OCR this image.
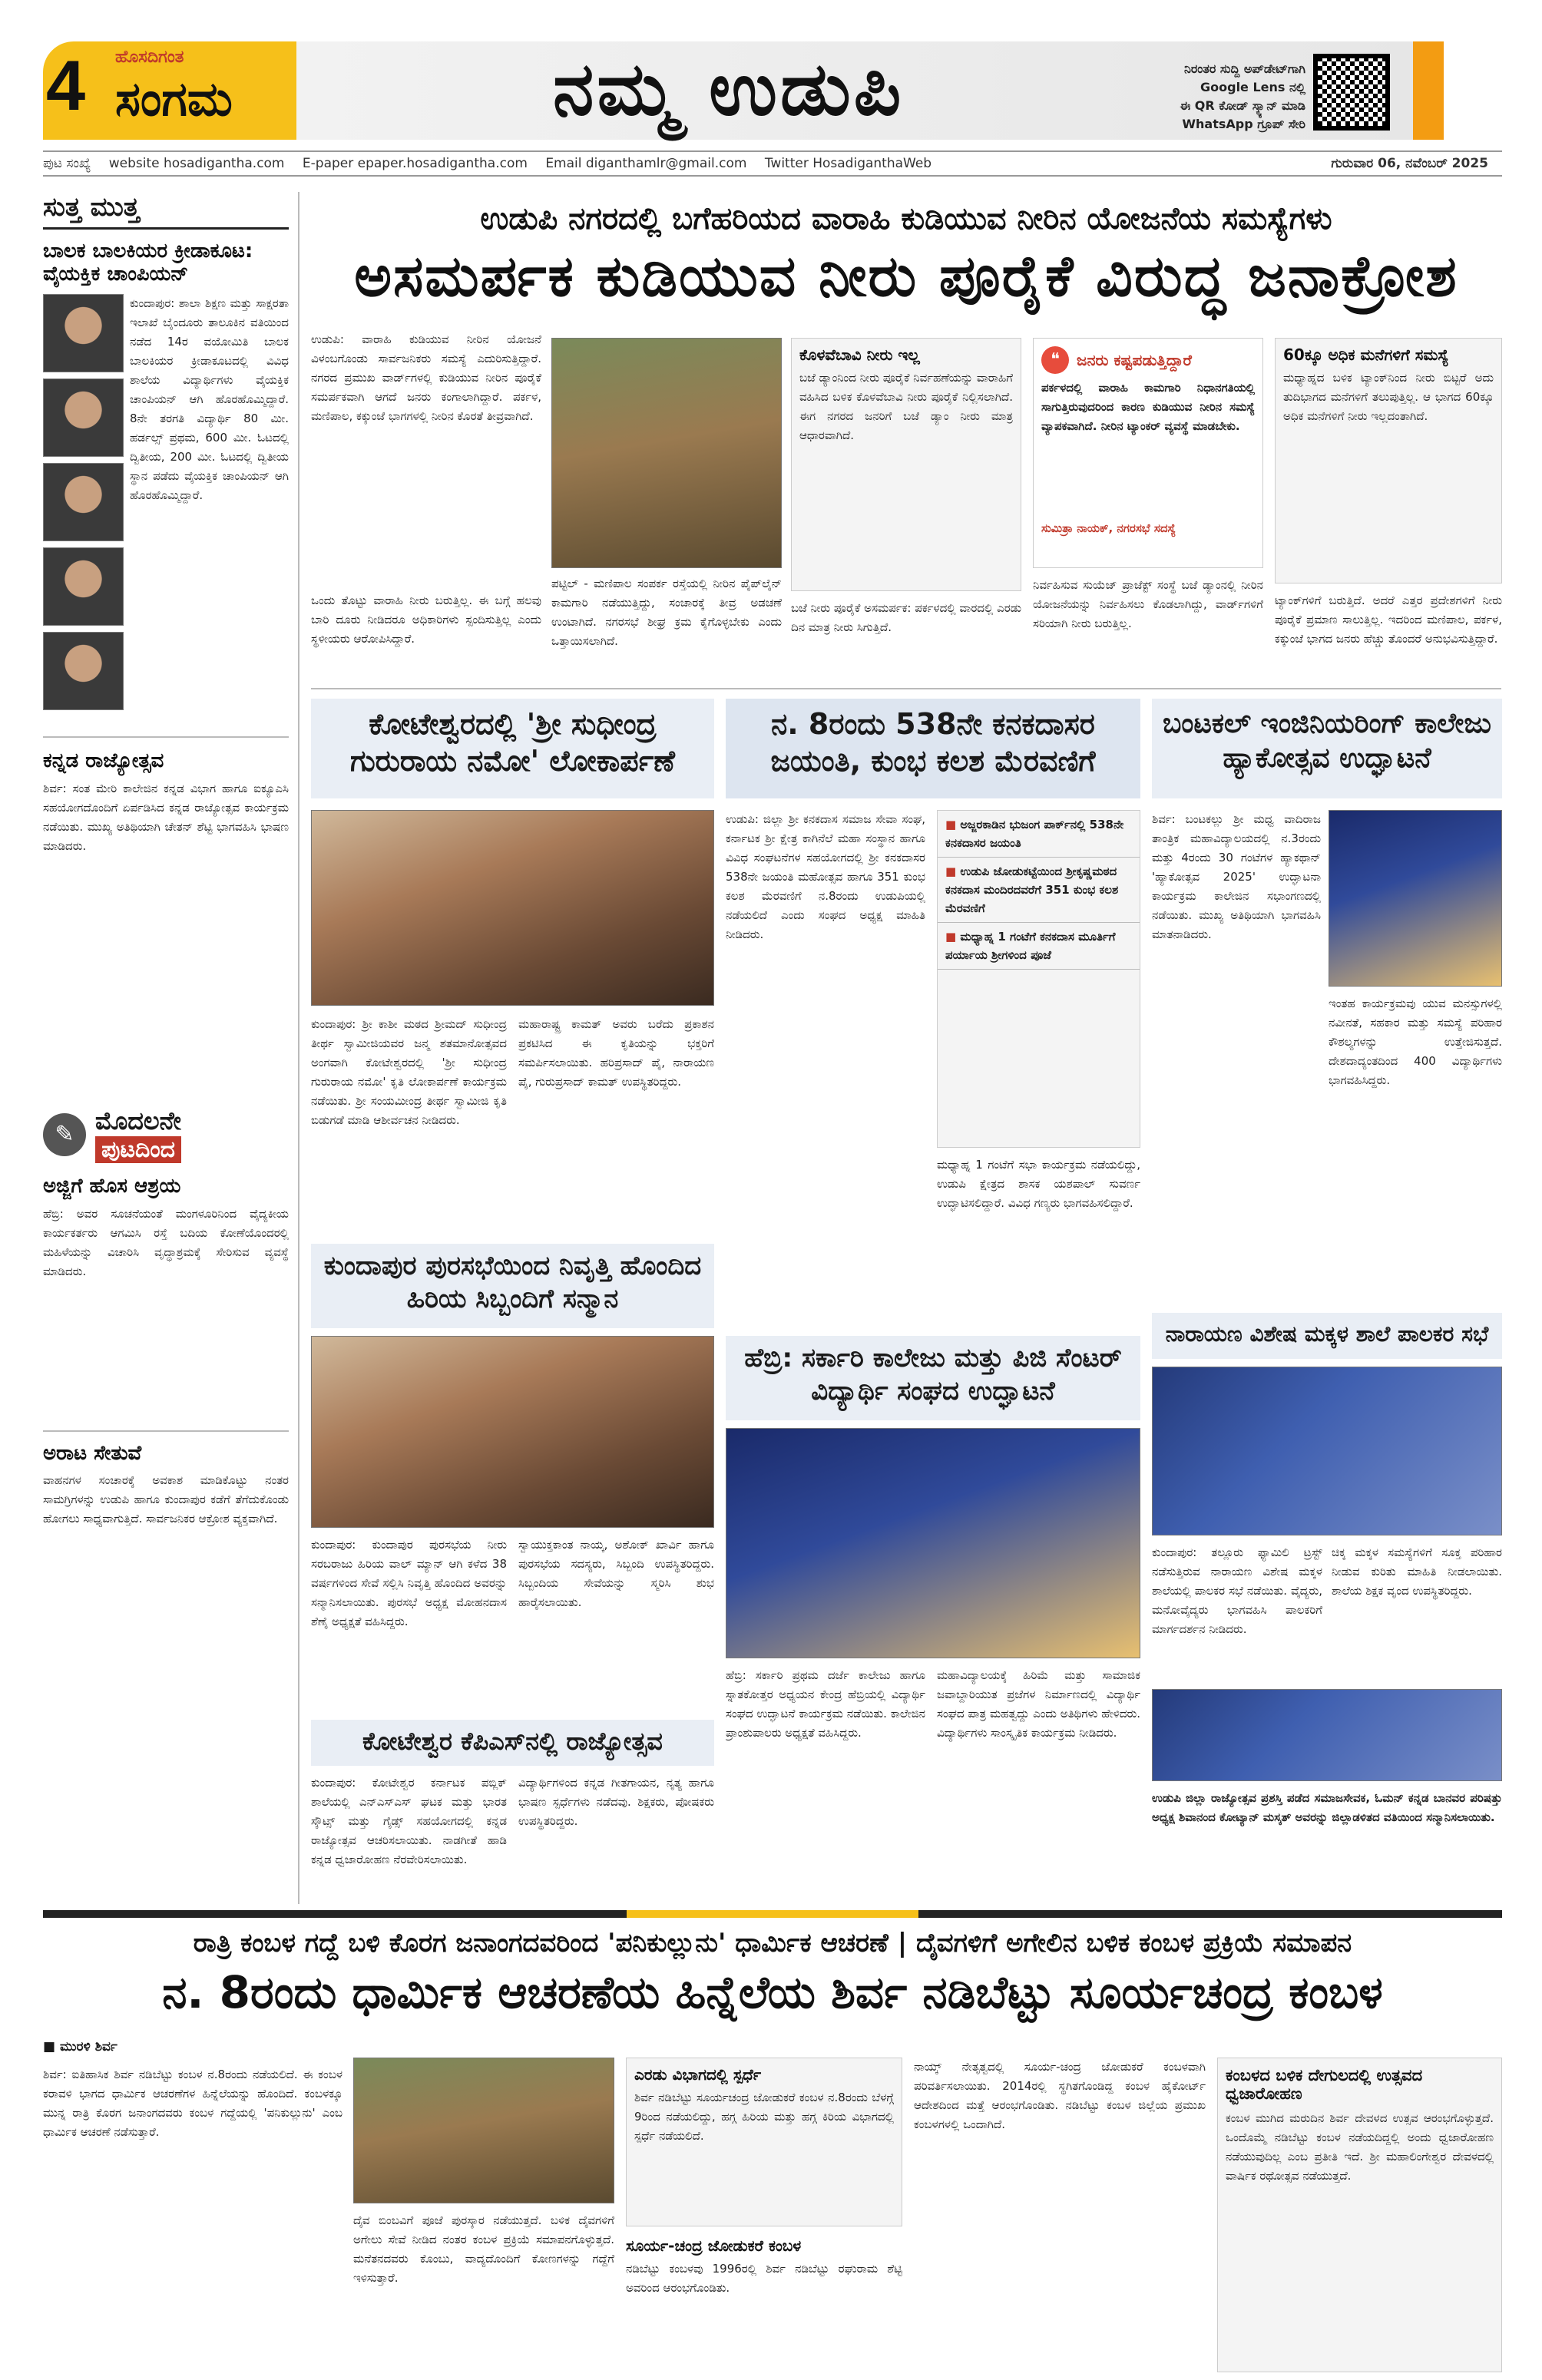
4 ಹೊಸದಿಗಂತ
ಸಂಗಮ	ನಮ್ಮ ಉಡುಪಿ	ನಿರಂತರ ಸುದ್ದಿ ಅಪ್‌ಡೇಟ್‌ಗಾಗಿ
Google Lens ನಲ್ಲಿ
ಈ QR ಕೋಡ್ ಸ್ಕ್ಯಾನ್ ಮಾಡಿ
WhatsApp ಗ್ರೂಪ್ ಸೇರಿ
ಪುಟ ಸಂಖ್ಯೆ website hosadigantha.com E-paper epaper.hosadigantha.com Email diganthamlr@gmail.com Twitter HosadiganthaWeb	ಗುರುವಾರ 06, ನವೆಂಬರ್ 2025
ಸುತ್ತ ಮುತ್ತ
ಬಾಲಕ ಬಾಲಕಿಯರ ಕ್ರೀಡಾಕೂಟ: ವೈಯಕ್ತಿಕ ಚಾಂಪಿಯನ್
ಕುಂದಾಪುರ: ಶಾಲಾ ಶಿಕ್ಷಣ ಮತ್ತು ಸಾಕ್ಷರತಾ ಇಲಾಖೆ ಬೈಂದೂರು ತಾಲೂಕಿನ ವತಿಯಿಂದ ನಡೆದ 14ರ ವಯೋಮಿತಿ ಬಾಲಕ ಬಾಲಕಿಯರ ಕ್ರೀಡಾಕೂಟದಲ್ಲಿ ವಿವಿಧ ಶಾಲೆಯ ವಿದ್ಯಾರ್ಥಿಗಳು ವೈಯಕ್ತಿಕ ಚಾಂಪಿಯನ್ ಆಗಿ ಹೊರಹೊಮ್ಮಿದ್ದಾರೆ. 8ನೇ ತರಗತಿ ವಿದ್ಯಾರ್ಥಿ 80 ಮೀ. ಹರ್ಡಲ್ಸ್ ಪ್ರಥಮ, 600 ಮೀ. ಓಟದಲ್ಲಿ ದ್ವಿತೀಯ, 200 ಮೀ. ಓಟದಲ್ಲಿ ದ್ವಿತೀಯ ಸ್ಥಾನ ಪಡೆದು ವೈಯಕ್ತಿಕ ಚಾಂಪಿಯನ್ ಆಗಿ ಹೊರಹೊಮ್ಮಿದ್ದಾರೆ.
ಕನ್ನಡ ರಾಜ್ಯೋತ್ಸವ
ಶಿರ್ವ: ಸಂತ ಮೇರಿ ಕಾಲೇಜಿನ ಕನ್ನಡ ವಿಭಾಗ ಹಾಗೂ ಐಕ್ಯೂಎಸಿ ಸಹಯೋಗದೊಂದಿಗೆ ಏರ್ಪಡಿಸಿದ ಕನ್ನಡ ರಾಜ್ಯೋತ್ಸವ ಕಾರ್ಯಕ್ರಮ ನಡೆಯಿತು. ಮುಖ್ಯ ಅತಿಥಿಯಾಗಿ ಚೇತನ್ ಶೆಟ್ಟಿ ಭಾಗವಹಿಸಿ ಭಾಷಣ ಮಾಡಿದರು.
✎ ಮೊದಲನೇ
ಪುಟದಿಂದ
ಅಜ್ಜಿಗೆ ಹೊಸ ಆಶ್ರಯ
ಹೆಬ್ರಿ: ಅವರ ಸೂಚನೆಯಂತೆ ಮಂಗಳೂರಿನಿಂದ ವೈದ್ಯಕೀಯ ಕಾರ್ಯಕರ್ತರು ಆಗಮಿಸಿ ರಸ್ತೆ ಬದಿಯ ಕೋಣೆಯೊಂದರಲ್ಲಿ ಮಹಿಳೆಯನ್ನು ವಿಚಾರಿಸಿ ವೃದ್ಧಾಶ್ರಮಕ್ಕೆ ಸೇರಿಸುವ ವ್ಯವಸ್ಥೆ ಮಾಡಿದರು.
ಅರಾಟ ಸೇತುವೆ
ವಾಹನಗಳ ಸಂಚಾರಕ್ಕೆ ಅವಕಾಶ ಮಾಡಿಕೊಟ್ಟು ನಂತರ ಸಾಮಗ್ರಿಗಳನ್ನು ಉಡುಪಿ ಹಾಗೂ ಕುಂದಾಪುರ ಕಡೆಗೆ ತೆಗೆದುಕೊಂಡು ಹೋಗಲು ಸಾಧ್ಯವಾಗುತ್ತಿದೆ. ಸಾರ್ವಜನಿಕರ ಆಕ್ರೋಶ ವ್ಯಕ್ತವಾಗಿದೆ.
ಉಡುಪಿ ನಗರದಲ್ಲಿ ಬಗೆಹರಿಯದ ವಾರಾಹಿ ಕುಡಿಯುವ ನೀರಿನ ಯೋಜನೆಯ ಸಮಸ್ಯೆಗಳು
ಅಸಮರ್ಪಕ ಕುಡಿಯುವ ನೀರು ಪೂರೈಕೆ ವಿರುದ್ಧ ಜನಾಕ್ರೋಶ
ಉಡುಪಿ: ವಾರಾಹಿ ಕುಡಿಯುವ ನೀರಿನ ಯೋಜನೆ ವಿಳಂಬಗೊಂಡು ಸಾರ್ವಜನಿಕರು ಸಮಸ್ಯೆ ಎದುರಿಸುತ್ತಿದ್ದಾರೆ. ನಗರದ ಪ್ರಮುಖ ವಾರ್ಡ್‌ಗಳಲ್ಲಿ ಕುಡಿಯುವ ನೀರಿನ ಪೂರೈಕೆ ಸಮರ್ಪಕವಾಗಿ ಆಗದೆ ಜನರು ಕಂಗಾಲಾಗಿದ್ದಾರೆ. ಪರ್ಕಳ, ಮಣಿಪಾಲ, ಕಕ್ಕುಂಜೆ ಭಾಗಗಳಲ್ಲಿ ನೀರಿನ ಕೊರತೆ ತೀವ್ರವಾಗಿದೆ.
ಒಂದು ತೊಟ್ಟು ವಾರಾಹಿ ನೀರು ಬರುತ್ತಿಲ್ಲ. ಈ ಬಗ್ಗೆ ಹಲವು ಬಾರಿ ದೂರು ನೀಡಿದರೂ ಅಧಿಕಾರಿಗಳು ಸ್ಪಂದಿಸುತ್ತಿಲ್ಲ ಎಂದು ಸ್ಥಳೀಯರು ಆರೋಪಿಸಿದ್ದಾರೆ.
ಪಟ್ಟಿಲ್ - ಮಣಿಪಾಲ ಸಂಪರ್ಕ ರಸ್ತೆಯಲ್ಲಿ ನೀರಿನ ಪೈಪ್‌ಲೈನ್ ಕಾಮಗಾರಿ ನಡೆಯುತ್ತಿದ್ದು, ಸಂಚಾರಕ್ಕೆ ತೀವ್ರ ಅಡಚಣೆ ಉಂಟಾಗಿದೆ. ನಗರಸಭೆ ಶೀಘ್ರ ಕ್ರಮ ಕೈಗೊಳ್ಳಬೇಕು ಎಂದು ಒತ್ತಾಯಿಸಲಾಗಿದೆ.
ಕೊಳವೆಬಾವಿ ನೀರು ಇಲ್ಲ
ಬಜೆ ಡ್ಯಾಂನಿಂದ ನೀರು ಪೂರೈಕೆ ನಿರ್ವಹಣೆಯನ್ನು ವಾರಾಹಿಗೆ ವಹಿಸಿದ ಬಳಿಕ ಕೊಳವೆಬಾವಿ ನೀರು ಪೂರೈಕೆ ನಿಲ್ಲಿಸಲಾಗಿದೆ. ಈಗ ನಗರದ ಜನರಿಗೆ ಬಜೆ ಡ್ಯಾಂ ನೀರು ಮಾತ್ರ ಆಧಾರವಾಗಿದೆ.
ಬಜೆ ನೀರು ಪೂರೈಕೆ ಅಸಮರ್ಪಕ: ಪರ್ಕಳದಲ್ಲಿ ವಾರದಲ್ಲಿ ಎರಡು ದಿನ ಮಾತ್ರ ನೀರು ಸಿಗುತ್ತಿದೆ.
❝	ಜನರು ಕಷ್ಟಪಡುತ್ತಿದ್ದಾರೆ
ಪರ್ಕಳದಲ್ಲಿ ವಾರಾಹಿ ಕಾಮಗಾರಿ ನಿಧಾನಗತಿಯಲ್ಲಿ ಸಾಗುತ್ತಿರುವುದರಿಂದ ಕಾರಣ ಕುಡಿಯುವ ನೀರಿನ ಸಮಸ್ಯೆ ವ್ಯಾಪಕವಾಗಿದೆ. ನೀರಿನ ಟ್ಯಾಂಕರ್ ವ್ಯವಸ್ಥೆ ಮಾಡಬೇಕು.
ಸುಮಿತ್ರಾ ನಾಯಕ್, ನಗರಸಭೆ ಸದಸ್ಯೆ
ನಿರ್ವಹಿಸುವ ಸುಯೆಜ್ ಪ್ರಾಜೆಕ್ಟ್ ಸಂಸ್ಥೆ ಬಜೆ ಡ್ಯಾಂನಲ್ಲಿ ನೀರಿನ ಯೋಜನೆಯನ್ನು ನಿರ್ವಹಿಸಲು ಕೊಡಲಾಗಿದ್ದು, ವಾರ್ಡ್‌ಗಳಿಗೆ ಸರಿಯಾಗಿ ನೀರು ಬರುತ್ತಿಲ್ಲ.
60ಕ್ಕೂ ಅಧಿಕ ಮನೆಗಳಿಗೆ ಸಮಸ್ಯೆ
ಮಧ್ಯಾಹ್ನದ ಬಳಿಕ ಟ್ಯಾಂಕ್‌ನಿಂದ ನೀರು ಬಿಟ್ಟರೆ ಅದು ತುದಿಭಾಗದ ಮನೆಗಳಿಗೆ ತಲುಪುತ್ತಿಲ್ಲ. ಆ ಭಾಗದ 60ಕ್ಕೂ ಅಧಿಕ ಮನೆಗಳಿಗೆ ನೀರು ಇಲ್ಲದಂತಾಗಿದೆ.
ಟ್ಯಾಂಕ್‌ಗಳಿಗೆ ಬರುತ್ತಿದೆ. ಅದರೆ ಎತ್ತರ ಪ್ರದೇಶಗಳಿಗೆ ನೀರು ಪೂರೈಕೆ ಪ್ರಮಾಣ ಸಾಲುತ್ತಿಲ್ಲ. ಇದರಿಂದ ಮಣಿಪಾಲ, ಪರ್ಕಳ, ಕಕ್ಕುಂಜೆ ಭಾಗದ ಜನರು ಹೆಚ್ಚು ತೊಂದರೆ ಅನುಭವಿಸುತ್ತಿದ್ದಾರೆ.
ಕೋಟೇಶ್ವರದಲ್ಲಿ 'ಶ್ರೀ ಸುಧೀಂದ್ರ ಗುರುರಾಯ ನಮೋ' ಲೋಕಾರ್ಪಣೆ
ಕುಂದಾಪುರ: ಶ್ರೀ ಕಾಶೀ ಮಠದ ಶ್ರೀಮದ್ ಸುಧೀಂದ್ರ ತೀರ್ಥ ಸ್ವಾಮೀಜಿಯವರ ಜನ್ಮ ಶತಮಾನೋತ್ಸವದ ಅಂಗವಾಗಿ ಕೋಟೇಶ್ವರದಲ್ಲಿ 'ಶ್ರೀ ಸುಧೀಂದ್ರ ಗುರುರಾಯ ನಮೋ' ಕೃತಿ ಲೋಕಾರ್ಪಣೆ ಕಾರ್ಯಕ್ರಮ ನಡೆಯಿತು. ಶ್ರೀ ಸಂಯಮೀಂದ್ರ ತೀರ್ಥ ಸ್ವಾಮೀಜಿ ಕೃತಿ ಬಿಡುಗಡೆ ಮಾಡಿ ಆಶೀರ್ವಚನ ನೀಡಿದರು.
ಮಹಾರಾಷ್ಟ್ರ ಕಾಮತ್ ಅವರು ಬರೆದು ಪ್ರಕಾಶನ ಪ್ರಕಟಿಸಿದ ಈ ಕೃತಿಯನ್ನು ಭಕ್ತರಿಗೆ ಸಮರ್ಪಿಸಲಾಯಿತು. ಹರಿಪ್ರಸಾದ್ ಪೈ, ನಾರಾಯಣ ಪೈ, ಗುರುಪ್ರಸಾದ್ ಕಾಮತ್ ಉಪಸ್ಥಿತರಿದ್ದರು.
ನ. 8ರಂದು 538ನೇ ಕನಕದಾಸರ ಜಯಂತಿ, ಕುಂಭ ಕಲಶ ಮೆರವಣಿಗೆ
ಉಡುಪಿ: ಜಿಲ್ಲಾ ಶ್ರೀ ಕನಕದಾಸ ಸಮಾಜ ಸೇವಾ ಸಂಘ, ಕರ್ನಾಟಕ ಶ್ರೀ ಕ್ಷೇತ್ರ ಕಾಗಿನೆಲೆ ಮಹಾ ಸಂಸ್ಥಾನ ಹಾಗೂ ವಿವಿಧ ಸಂಘಟನೆಗಳ ಸಹಯೋಗದಲ್ಲಿ ಶ್ರೀ ಕನಕದಾಸರ 538ನೇ ಜಯಂತಿ ಮಹೋತ್ಸವ ಹಾಗೂ 351 ಕುಂಭ ಕಲಶ ಮೆರವಣಿಗೆ ನ.8ರಂದು ಉಡುಪಿಯಲ್ಲಿ ನಡೆಯಲಿದೆ ಎಂದು ಸಂಘದ ಅಧ್ಯಕ್ಷ ಮಾಹಿತಿ ನೀಡಿದರು.
■ ಅಜ್ಜರಕಾಡಿನ ಭುಜಂಗ ಪಾರ್ಕ್‌ನಲ್ಲಿ 538ನೇ ಕನಕದಾಸರ ಜಯಂತಿ
■ ಉಡುಪಿ ಜೋಡುಕಟ್ಟೆಯಿಂದ ಶ್ರೀಕೃಷ್ಣಮಠದ ಕನಕದಾಸ ಮಂದಿರದವರೆಗೆ 351 ಕುಂಭ ಕಲಶ ಮೆರವಣಿಗೆ
■ ಮಧ್ಯಾಹ್ನ 1 ಗಂಟೆಗೆ ಕನಕದಾಸ ಮೂರ್ತಿಗೆ ಪರ್ಯಾಯ ಶ್ರೀಗಳಿಂದ ಪೂಜೆ
ಮಧ್ಯಾಹ್ನ 1 ಗಂಟೆಗೆ ಸಭಾ ಕಾರ್ಯಕ್ರಮ ನಡೆಯಲಿದ್ದು, ಉಡುಪಿ ಕ್ಷೇತ್ರದ ಶಾಸಕ ಯಶಪಾಲ್ ಸುವರ್ಣ ಉದ್ಘಾಟಿಸಲಿದ್ದಾರೆ. ವಿವಿಧ ಗಣ್ಯರು ಭಾಗವಹಿಸಲಿದ್ದಾರೆ.
ಬಂಟಕಲ್ ಇಂಜಿನಿಯರಿಂಗ್ ಕಾಲೇಜು ಹ್ಯಾಕೋತ್ಸವ ಉದ್ಘಾಟನೆ
ಶಿರ್ವ: ಬಂಟಕಲ್ಲು ಶ್ರೀ ಮಧ್ವ ವಾದಿರಾಜ ತಾಂತ್ರಿಕ ಮಹಾವಿದ್ಯಾಲಯದಲ್ಲಿ ನ.3ರಂದು ಮತ್ತು 4ರಂದು 30 ಗಂಟೆಗಳ ಹ್ಯಾಕಥಾನ್ 'ಹ್ಯಾಕೋತ್ಸವ 2025' ಉದ್ಘಾಟನಾ ಕಾರ್ಯಕ್ರಮ ಕಾಲೇಜಿನ ಸಭಾಂಗಣದಲ್ಲಿ ನಡೆಯಿತು. ಮುಖ್ಯ ಅತಿಥಿಯಾಗಿ ಭಾಗವಹಿಸಿ ಮಾತನಾಡಿದರು.
ಇಂತಹ ಕಾರ್ಯಕ್ರಮವು ಯುವ ಮನಸ್ಸುಗಳಲ್ಲಿ ನವೀನತೆ, ಸಹಕಾರ ಮತ್ತು ಸಮಸ್ಯೆ ಪರಿಹಾರ ಕೌಶಲ್ಯಗಳನ್ನು ಉತ್ತೇಜಿಸುತ್ತದೆ. ದೇಶದಾದ್ಯಂತದಿಂದ 400 ವಿದ್ಯಾರ್ಥಿಗಳು ಭಾಗವಹಿಸಿದ್ದರು.
ಕುಂದಾಪುರ ಪುರಸಭೆಯಿಂದ ನಿವೃತ್ತಿ ಹೊಂದಿದ ಹಿರಿಯ ಸಿಬ್ಬಂದಿಗೆ ಸನ್ಮಾನ
ಕುಂದಾಪುರ: ಕುಂದಾಪುರ ಪುರಸಭೆಯ ನೀರು ಸರಬರಾಜು ಹಿರಿಯ ವಾಲ್ ಮ್ಯಾನ್ ಆಗಿ ಕಳೆದ 38 ವರ್ಷಗಳಿಂದ ಸೇವೆ ಸಲ್ಲಿಸಿ ನಿವೃತ್ತಿ ಹೊಂದಿದ ಅವರನ್ನು ಸನ್ಮಾನಿಸಲಾಯಿತು. ಪುರಸಭೆ ಅಧ್ಯಕ್ಷ ಮೋಹನದಾಸ ಶೆಣೈ ಅಧ್ಯಕ್ಷತೆ ವಹಿಸಿದ್ದರು.
ಸ್ವಾಯುಕ್ತಕಾಂತ ನಾಯ್ಕ, ಅಶೋಕ್ ಖಾರ್ವಿ ಹಾಗೂ ಪುರಸಭೆಯ ಸದಸ್ಯರು, ಸಿಬ್ಬಂದಿ ಉಪಸ್ಥಿತರಿದ್ದರು. ಸಿಬ್ಬಂದಿಯ ಸೇವೆಯನ್ನು ಸ್ಮರಿಸಿ ಶುಭ ಹಾರೈಸಲಾಯಿತು.
ಹೆಬ್ರಿ: ಸರ್ಕಾರಿ ಕಾಲೇಜು ಮತ್ತು ಪಿಜಿ ಸೆಂಟರ್ ವಿದ್ಯಾರ್ಥಿ ಸಂಘದ ಉದ್ಘಾಟನೆ
ಹೆಬ್ರಿ: ಸರ್ಕಾರಿ ಪ್ರಥಮ ದರ್ಜೆ ಕಾಲೇಜು ಹಾಗೂ ಸ್ನಾತಕೋತ್ತರ ಅಧ್ಯಯನ ಕೇಂದ್ರ ಹೆಬ್ರಿಯಲ್ಲಿ ವಿದ್ಯಾರ್ಥಿ ಸಂಘದ ಉದ್ಘಾಟನೆ ಕಾರ್ಯಕ್ರಮ ನಡೆಯಿತು. ಕಾಲೇಜಿನ ಪ್ರಾಂಶುಪಾಲರು ಅಧ್ಯಕ್ಷತೆ ವಹಿಸಿದ್ದರು.
ಮಹಾವಿದ್ಯಾಲಯಕ್ಕೆ ಹಿರಿಮೆ ಮತ್ತು ಸಾಮಾಜಿಕ ಜವಾಬ್ದಾರಿಯುತ ಪ್ರಜೆಗಳ ನಿರ್ಮಾಣದಲ್ಲಿ ವಿದ್ಯಾರ್ಥಿ ಸಂಘದ ಪಾತ್ರ ಮಹತ್ವದ್ದು ಎಂದು ಅತಿಥಿಗಳು ಹೇಳಿದರು. ವಿದ್ಯಾರ್ಥಿಗಳು ಸಾಂಸ್ಕೃತಿಕ ಕಾರ್ಯಕ್ರಮ ನೀಡಿದರು.
ಕೋಟೇಶ್ವರ ಕೆಪಿಎಸ್‌ನಲ್ಲಿ ರಾಜ್ಯೋತ್ಸವ
ಕುಂದಾಪುರ: ಕೋಟೇಶ್ವರ ಕರ್ನಾಟಕ ಪಬ್ಲಿಕ್ ಶಾಲೆಯಲ್ಲಿ ಎನ್ಎಸ್ಎಸ್ ಘಟಕ ಮತ್ತು ಭಾರತ ಸ್ಕೌಟ್ಸ್ ಮತ್ತು ಗೈಡ್ಸ್ ಸಹಯೋಗದಲ್ಲಿ ಕನ್ನಡ ರಾಜ್ಯೋತ್ಸವ ಆಚರಿಸಲಾಯಿತು. ನಾಡಗೀತೆ ಹಾಡಿ ಕನ್ನಡ ಧ್ವಜಾರೋಹಣ ನೆರವೇರಿಸಲಾಯಿತು.
ವಿದ್ಯಾರ್ಥಿಗಳಿಂದ ಕನ್ನಡ ಗೀತಗಾಯನ, ನೃತ್ಯ ಹಾಗೂ ಭಾಷಣ ಸ್ಪರ್ಧೆಗಳು ನಡೆದವು. ಶಿಕ್ಷಕರು, ಪೋಷಕರು ಉಪಸ್ಥಿತರಿದ್ದರು.
ನಾರಾಯಣ ವಿಶೇಷ ಮಕ್ಕಳ ಶಾಲೆ ಪಾಲಕರ ಸಭೆ
ಕುಂದಾಪುರ: ತಲ್ಲೂರು ಫ್ಯಾಮಿಲಿ ಟ್ರಸ್ಟ್ ನಡೆಸುತ್ತಿರುವ ನಾರಾಯಣ ವಿಶೇಷ ಮಕ್ಕಳ ಶಾಲೆಯಲ್ಲಿ ಪಾಲಕರ ಸಭೆ ನಡೆಯಿತು. ವೈದ್ಯರು, ಮನೋವೈದ್ಯರು ಭಾಗವಹಿಸಿ ಪಾಲಕರಿಗೆ ಮಾರ್ಗದರ್ಶನ ನೀಡಿದರು.
ಚಿಕ್ಕ ಮಕ್ಕಳ ಸಮಸ್ಯೆಗಳಿಗೆ ಸೂಕ್ತ ಪರಿಹಾರ ನೀಡುವ ಕುರಿತು ಮಾಹಿತಿ ನೀಡಲಾಯಿತು. ಶಾಲೆಯ ಶಿಕ್ಷಕ ವೃಂದ ಉಪಸ್ಥಿತರಿದ್ದರು.
ಉಡುಪಿ ಜಿಲ್ಲಾ ರಾಜ್ಯೋತ್ಸವ ಪ್ರಶಸ್ತಿ ಪಡೆದ ಸಮಾಜಸೇವಕ, ಓಮನ್ ಕನ್ನಡ ಬಾನವರ ಪರಿಷತ್ತು ಅಧ್ಯಕ್ಷ ಶಿವಾನಂದ ಕೋಟ್ಯಾನ್ ಮಸ್ಕತ್ ಅವರನ್ನು ಜಿಲ್ಲಾಡಳಿತದ ವತಿಯಿಂದ ಸನ್ಮಾನಿಸಲಾಯಿತು.
ರಾತ್ರಿ ಕಂಬಳ ಗದ್ದೆ ಬಳಿ ಕೊರಗ ಜನಾಂಗದವರಿಂದ 'ಪನಿಕುಲ್ಲುನು' ಧಾರ್ಮಿಕ ಆಚರಣೆ | ದೈವಗಳಿಗೆ ಅಗೇಲಿನ ಬಳಿಕ ಕಂಬಳ ಪ್ರಕ್ರಿಯೆ ಸಮಾಪನ
ನ. 8ರಂದು ಧಾರ್ಮಿಕ ಆಚರಣೆಯ ಹಿನ್ನೆಲೆಯ ಶಿರ್ವ ನಡಿಬೆಟ್ಟು ಸೂರ್ಯಚಂದ್ರ ಕಂಬಳ
■ ಮುರಳಿ ಶಿರ್ವ
ಶಿರ್ವ: ಐತಿಹಾಸಿಕ ಶಿರ್ವ ನಡಿಬೆಟ್ಟು ಕಂಬಳ ನ.8ರಂದು ನಡೆಯಲಿದೆ. ಈ ಕಂಬಳ ಕರಾವಳಿ ಭಾಗದ ಧಾರ್ಮಿಕ ಆಚರಣೆಗಳ ಹಿನ್ನೆಲೆಯನ್ನು ಹೊಂದಿದೆ. ಕಂಬಳಕ್ಕೂ ಮುನ್ನ ರಾತ್ರಿ ಕೊರಗ ಜನಾಂಗದವರು ಕಂಬಳ ಗದ್ದೆಯಲ್ಲಿ 'ಪನಿಕುಲ್ಲುನು' ಎಂಬ ಧಾರ್ಮಿಕ ಆಚರಣೆ ನಡೆಸುತ್ತಾರೆ.
ದೈವ ಬಿಂಬವಿಗೆ ಪೂಜೆ ಪುರಸ್ಕಾರ ನಡೆಯುತ್ತದೆ. ಬಳಿಕ ದೈವಗಳಿಗೆ ಅಗೇಲು ಸೇವೆ ನೀಡಿದ ನಂತರ ಕಂಬಳ ಪ್ರಕ್ರಿಯೆ ಸಮಾಪನಗೊಳ್ಳುತ್ತದೆ. ಮನೆತನದವರು ಕೊಂಬು, ವಾದ್ಯದೊಂದಿಗೆ ಕೋಣಗಳನ್ನು ಗದ್ದೆಗೆ ಇಳಿಸುತ್ತಾರೆ.
ಎರಡು ವಿಭಾಗದಲ್ಲಿ ಸ್ಪರ್ಧೆ
ಶಿರ್ವ ನಡಿಬೆಟ್ಟು ಸೂರ್ಯಚಂದ್ರ ಜೋಡುಕರೆ ಕಂಬಳ ನ.8ರಂದು ಬೆಳಗ್ಗೆ 9ರಿಂದ ನಡೆಯಲಿದ್ದು, ಹಗ್ಗ ಹಿರಿಯ ಮತ್ತು ಹಗ್ಗ ಕಿರಿಯ ವಿಭಾಗದಲ್ಲಿ ಸ್ಪರ್ಧೆ ನಡೆಯಲಿದೆ.
ಸೂರ್ಯ-ಚಂದ್ರ ಜೋಡುಕರೆ ಕಂಬಳ
ನಡಿಬೆಟ್ಟು ಕಂಬಳವು 1996ರಲ್ಲಿ ಶಿರ್ವ ನಡಿಬೆಟ್ಟು ರಘುರಾಮ ಶೆಟ್ಟಿ ಅವರಿಂದ ಆರಂಭಗೊಂಡಿತು.
ನಾಯ್ಕ್ ನೇತೃತ್ವದಲ್ಲಿ ಸೂರ್ಯ-ಚಂದ್ರ ಜೋಡುಕರೆ ಕಂಬಳವಾಗಿ ಪರಿವರ್ತಿಸಲಾಯಿತು. 2014ರಲ್ಲಿ ಸ್ಥಗಿತಗೊಂಡಿದ್ದ ಕಂಬಳ ಹೈಕೋರ್ಟ್ ಆದೇಶದಿಂದ ಮತ್ತೆ ಆರಂಭಗೊಂಡಿತು. ನಡಿಬೆಟ್ಟು ಕಂಬಳ ಜಿಲ್ಲೆಯ ಪ್ರಮುಖ ಕಂಬಳಗಳಲ್ಲಿ ಒಂದಾಗಿದೆ.
ಕಂಬಳದ ಬಳಿಕ ದೇಗುಲದಲ್ಲಿ ಉತ್ಸವದ ಧ್ವಜಾರೋಹಣ
ಕಂಬಳ ಮುಗಿದ ಮರುದಿನ ಶಿರ್ವ ದೇವಳದ ಉತ್ಸವ ಆರಂಭಗೊಳ್ಳುತ್ತದೆ. ಒಂದೊಮ್ಮೆ ನಡಿಬೆಟ್ಟು ಕಂಬಳ ನಡೆಯದಿದ್ದಲ್ಲಿ ಅಂದು ಧ್ವಜಾರೋಹಣ ನಡೆಯುವುದಿಲ್ಲ ಎಂಬ ಪ್ರತೀತಿ ಇದೆ. ಶ್ರೀ ಮಹಾಲಿಂಗೇಶ್ವರ ದೇವಳದಲ್ಲಿ ವಾರ್ಷಿಕ ರಥೋತ್ಸವ ನಡೆಯುತ್ತದೆ.
